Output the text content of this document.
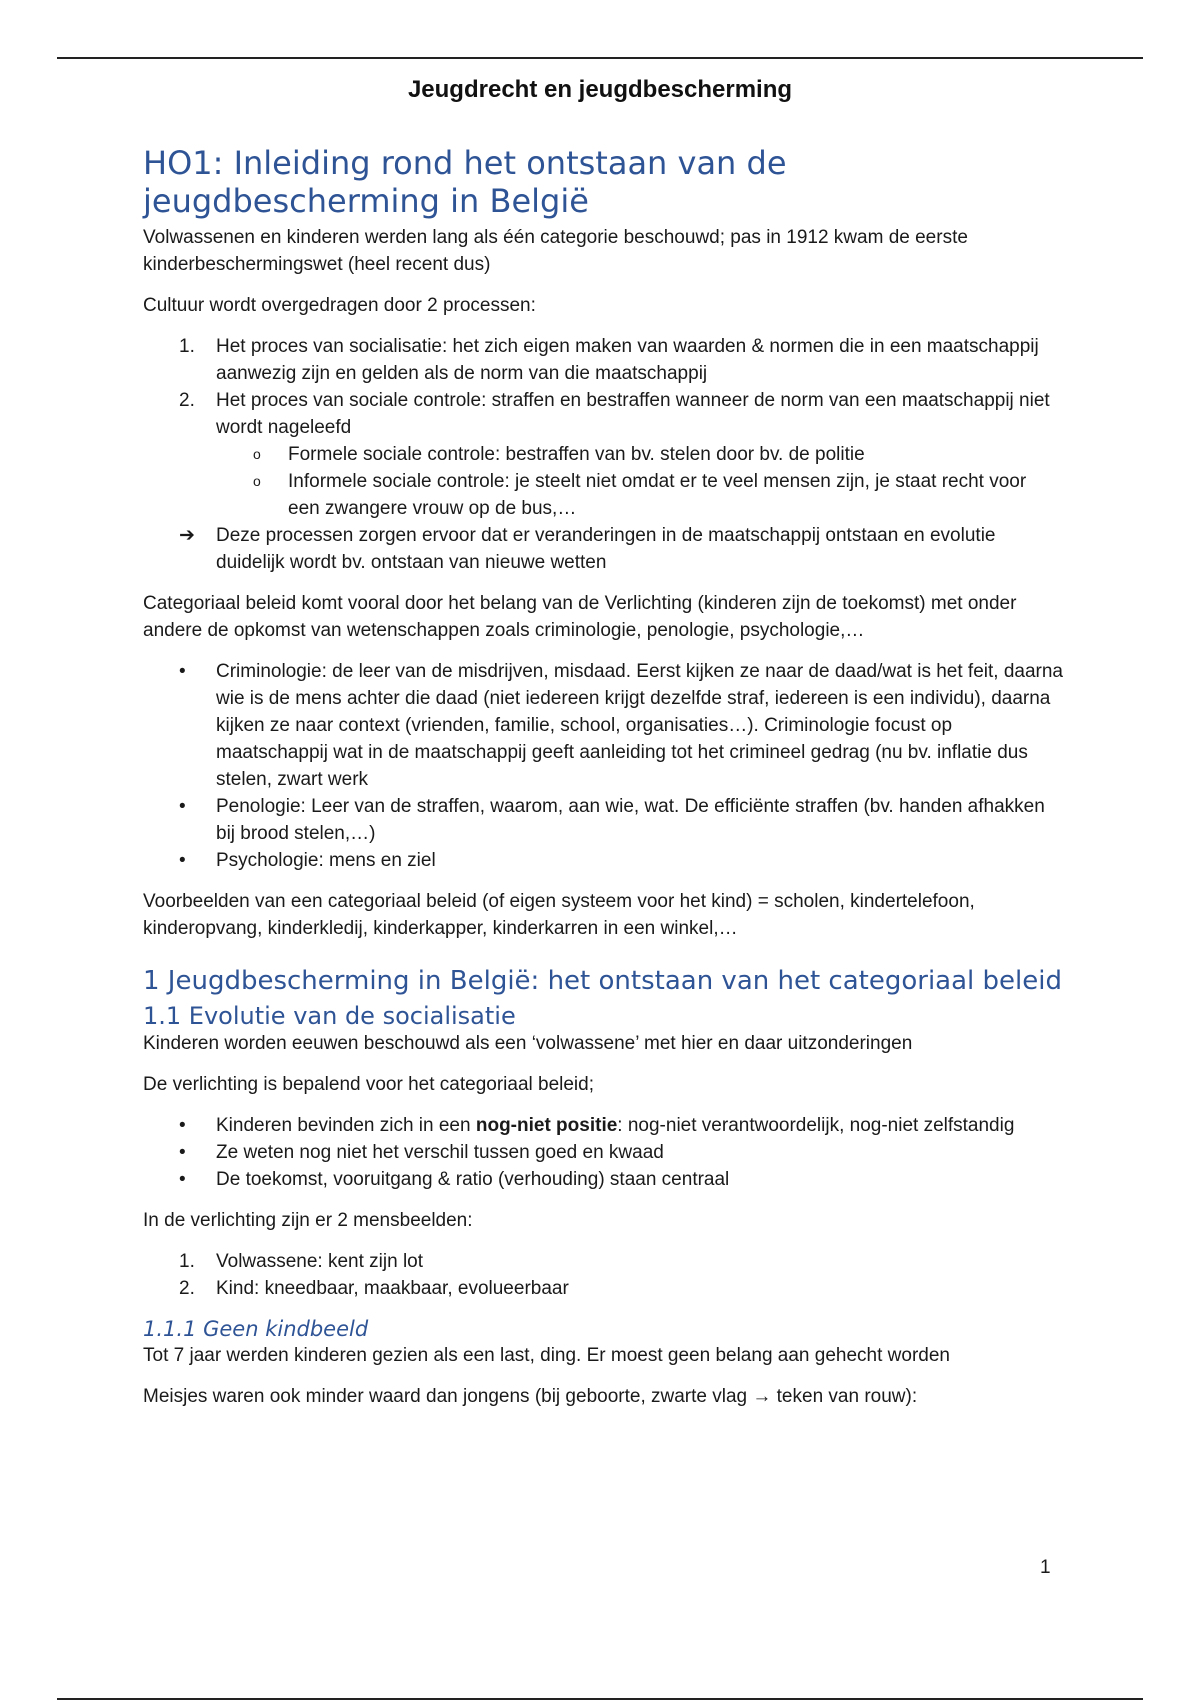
Jeugdrecht en jeugdbescherming
HO1: Inleiding rond het ontstaan van de jeugdbescherming in België

Volwassenen en kinderen werden lang als één categorie beschouwd; pas in 1912 kwam de eerste kinderbeschermingswet (heel recent dus)

Cultuur wordt overgedragen door 2 processen:

1.	Het proces van socialisatie: het zich eigen maken van waarden & normen die in een maatschappij aanwezig zijn en gelden als de norm van die maatschappij
2.	Het proces van sociale controle: straffen en bestraffen wanneer de norm van een maatschappij niet wordt nageleefd
o	Formele sociale controle: bestraffen van bv. stelen door bv. de politie
o	Informele sociale controle: je steelt niet omdat er te veel mensen zijn, je staat recht voor een zwangere vrouw op de bus,…
➔	Deze processen zorgen ervoor dat er veranderingen in de maatschappij ontstaan en evolutie duidelijk wordt bv. ontstaan van nieuwe wetten

Categoriaal beleid komt vooral door het belang van de Verlichting (kinderen zijn de toekomst) met onder andere de opkomst van wetenschappen zoals criminologie, penologie, psychologie,…

•	Criminologie: de leer van de misdrijven, misdaad. Eerst kijken ze naar de daad/wat is het feit, daarna wie is de mens achter die daad (niet iedereen krijgt dezelfde straf, iedereen is een individu), daarna kijken ze naar context (vrienden, familie, school, organisaties…). Criminologie focust op maatschappij wat in de maatschappij geeft aanleiding tot het crimineel gedrag (nu bv. inflatie dus stelen, zwart werk
•	Penologie: Leer van de straffen, waarom, aan wie, wat. De efficiënte straffen (bv. handen afhakken bij brood stelen,…)
•	Psychologie: mens en ziel

Voorbeelden van een categoriaal beleid (of eigen systeem voor het kind) = scholen, kindertelefoon, kinderopvang, kinderkledij, kinderkapper, kinderkarren in een winkel,…

1 Jeugdbescherming in België: het ontstaan van het categoriaal beleid
1.1 Evolutie van de socialisatie

Kinderen worden eeuwen beschouwd als een ‘volwassene’ met hier en daar uitzonderingen

De verlichting is bepalend voor het categoriaal beleid;

•	Kinderen bevinden zich in een nog-niet positie: nog-niet verantwoordelijk, nog-niet zelfstandig
•	Ze weten nog niet het verschil tussen goed en kwaad
•	De toekomst, vooruitgang & ratio (verhouding) staan centraal

In de verlichting zijn er 2 mensbeelden:

1.	Volwassene: kent zijn lot
2.	Kind: kneedbaar, maakbaar, evolueerbaar
1.1.1 Geen kindbeeld

Tot 7 jaar werden kinderen gezien als een last, ding. Er moest geen belang aan gehecht worden

Meisjes waren ook minder waard dan jongens (bij geboorte, zwarte vlag → teken van rouw):

1
